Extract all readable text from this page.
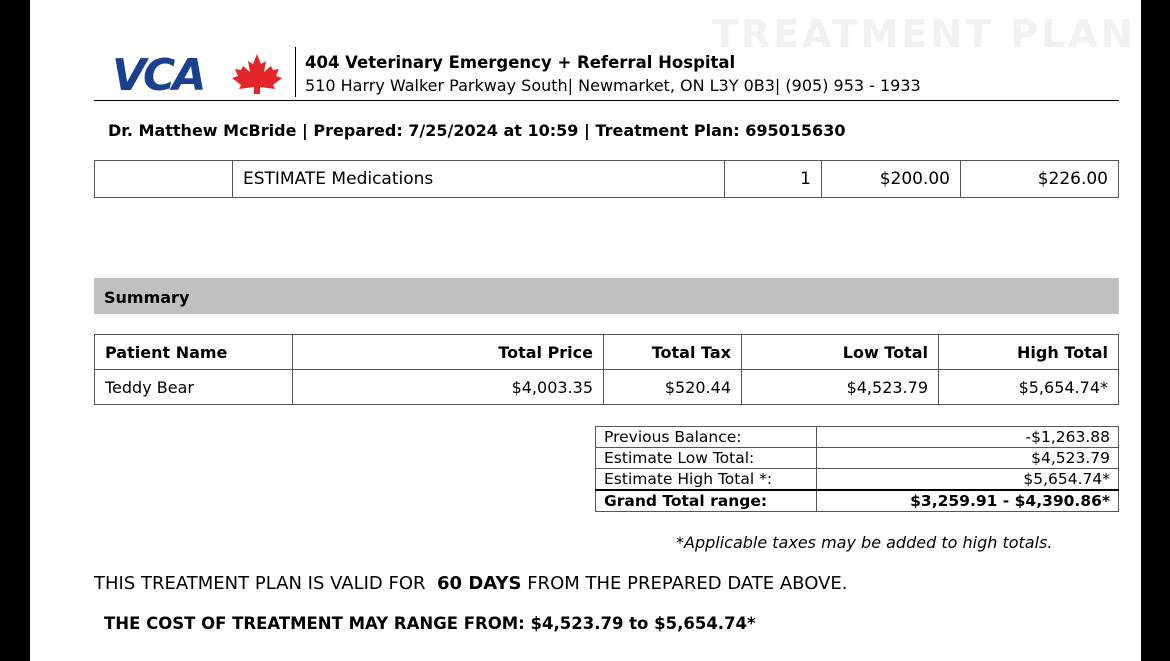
TREATMENT PLAN
VCA	404 Veterinary Emergency + Referral Hospital
510 Harry Walker Parkway South| Newmarket, ON L3Y 0B3| (905) 953 - 1933
Dr. Matthew McBride | Prepared: 7/25/2024 at 10:59 | Treatment Plan: 695015630
	ESTIMATE Medications	1	$200.00	$226.00
Summary
Patient Name	Total Price	Total Tax	Low Total	High Total
Teddy Bear	$4,003.35	$520.44	$4,523.79	$5,654.74*
Previous Balance:	-$1,263.88
Estimate Low Total:	$4,523.79
Estimate High Total *:	$5,654.74*
Grand Total range:	$3,259.91 - $4,390.86*
*Applicable taxes may be added to high totals.
THIS TREATMENT PLAN IS VALID FOR 60 DAYS FROM THE PREPARED DATE ABOVE.
THE COST OF TREATMENT MAY RANGE FROM: $4,523.79 to $5,654.74*
